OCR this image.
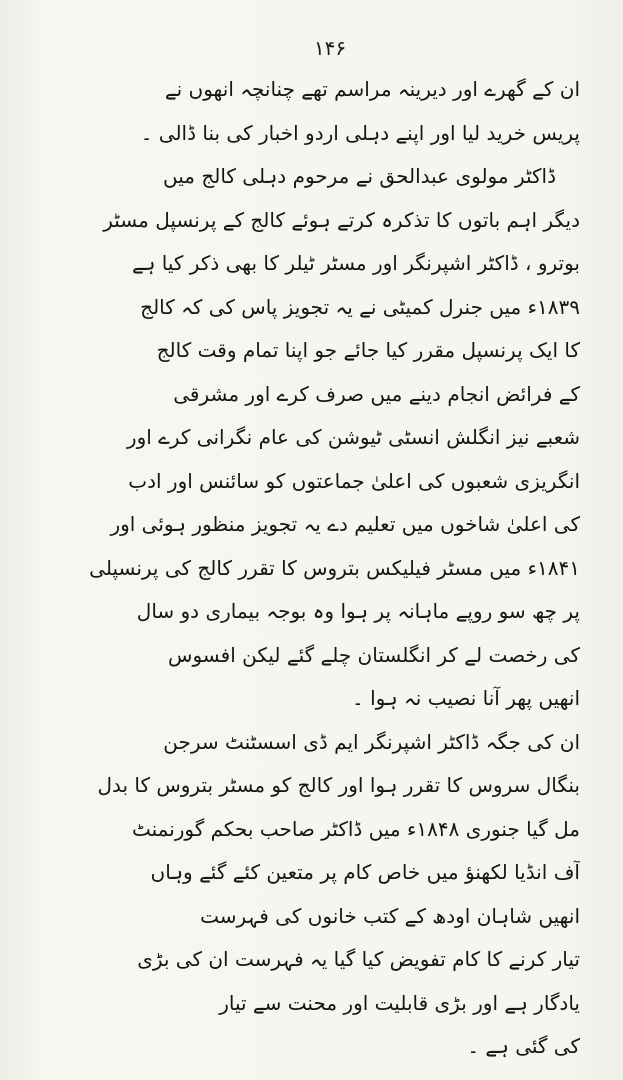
۱۴۶
ان کے گھرے اور دیرینہ مراسم تھے چنانچہ انھوں نے
پریس خرید لیا اور اپنے دہلی اردو اخبار کی بنا ڈالی ۔
ڈاکٹر مولوی عبدالحق نے مرحوم دہلی کالج میں
دیگر اہم باتوں کا تذکرہ کرتے ہوئے کالج کے پرنسپل مسٹر
بوترو ، ڈاکٹر اشپرنگر اور مسٹر ٹیلر کا بھی ذکر کیا ہے
۱۸۳۹ء میں جنرل کمیٹی نے یہ تجویز پاس کی کہ کالج
کا ایک پرنسپل مقرر کیا جائے جو اپنا تمام وقت کالج
کے فرائض انجام دینے میں صرف کرے اور مشرقی
شعبے نیز انگلش انسٹی ٹیوشن کی عام نگرانی کرے اور
انگریزی شعبوں کی اعلیٰ جماعتوں کو سائنس اور ادب
کی اعلیٰ شاخوں میں تعلیم دے یہ تجویز منظور ہوئی اور
۱۸۴۱ء میں مسٹر فیلیکس بتروس کا تقرر کالج کی پرنسپلی
پر چھ سو روپے ماہانہ پر ہوا وہ بوجہ بیماری دو سال
کی رخصت لے کر انگلستان چلے گئے لیکن افسوس
انھیں پھر آنا نصیب نہ ہوا ۔
ان کی جگہ ڈاکٹر اشپرنگر ایم ڈی اسسٹنٹ سرجن
بنگال سروس کا تقرر ہوا اور کالج کو مسٹر بتروس کا بدل
مل گیا جنوری ۱۸۴۸ء میں ڈاکٹر صاحب بحکم گورنمنٹ
آف انڈیا لکھنؤ میں خاص کام پر متعین کئے گئے وہاں
انھیں شاہان اودھ کے کتب خانوں کی فہرست
تیار کرنے کا کام تفویض کیا گیا یہ فہرست ان کی بڑی
یادگار ہے اور بڑی قابلیت اور محنت سے تیار
کی گئی ہے ۔
